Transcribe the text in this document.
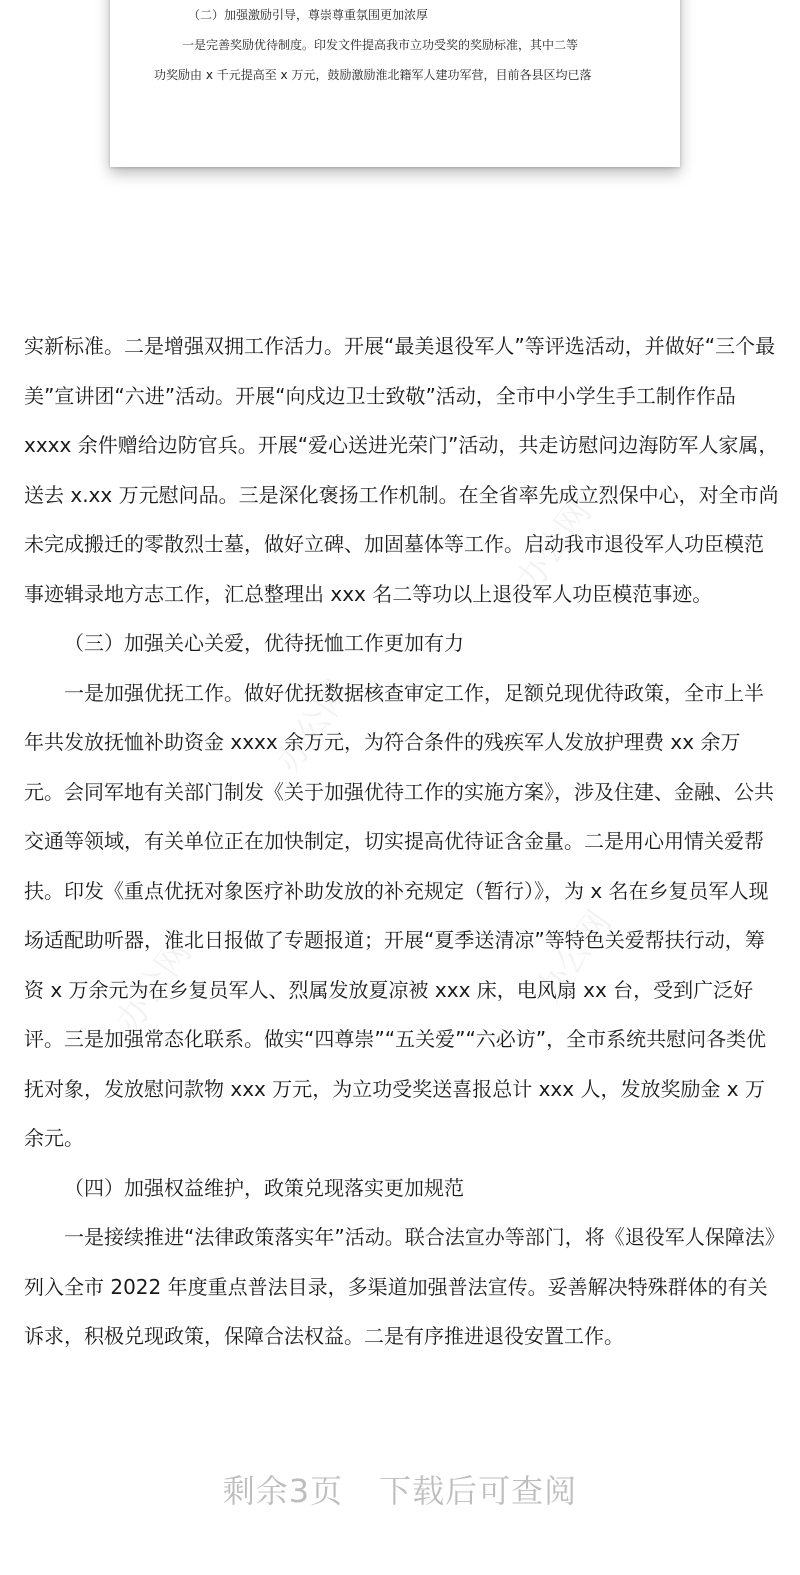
（二）加强激励引导，尊崇尊重氛围更加浓厚
一是完善奖励优待制度。印发文件提高我市立功受奖的奖励标准，其中二等
功奖励由 x 千元提高至 x 万元，鼓励激励淮北籍军人建功军营，目前各县区均已落
办公网
办公网
办公网	办公网

实新标准。二是增强双拥工作活力。开展“最美退役军人”等评选活动，并做好“三个最美”宣讲团“六进”活动。开展“向戍边卫士致敬”活动，全市中小学生手工制作作品 xxxx 余件赠给边防官兵。开展“爱心送进光荣门”活动，共走访慰问边海防军人家属，送去 x.xx 万元慰问品。三是深化褒扬工作机制。在全省率先成立烈保中心，对全市尚未完成搬迁的零散烈士墓，做好立碑、加固墓体等工作。启动我市退役军人功臣模范事迹辑录地方志工作，汇总整理出 xxx 名二等功以上退役军人功臣模范事迹。

（三）加强关心关爱，优待抚恤工作更加有力

一是加强优抚工作。做好优抚数据核查审定工作，足额兑现优待政策，全市上半年共发放抚恤补助资金 xxxx 余万元，为符合条件的残疾军人发放护理费 xx 余万元。会同军地有关部门制发《关于加强优待工作的实施方案》，涉及住建、金融、公共交通等领域，有关单位正在加快制定，切实提高优待证含金量。二是用心用情关爱帮扶。印发《重点优抚对象医疗补助发放的补充规定（暂行）》，为 x 名在乡复员军人现场适配助听器，淮北日报做了专题报道；开展“夏季送清凉”等特色关爱帮扶行动，筹资 x 万余元为在乡复员军人、烈属发放夏凉被 xxx 床，电风扇 xx 台，受到广泛好评。三是加强常态化联系。做实“四尊崇”“五关爱”“六必访”，全市系统共慰问各类优抚对象，发放慰问款物 xxx 万元，为立功受奖送喜报总计 xxx 人，发放奖励金 x 万余元。

（四）加强权益维护，政策兑现落实更加规范

一是接续推进“法律政策落实年”活动。联合法宣办等部门，将《退役军人保障法》列入全市 2022 年度重点普法目录，多渠道加强普法宣传。妥善解决特殊群体的有关诉求，积极兑现政策，保障合法权益。二是有序推进退役安置工作。

剩余3页 下载后可查阅
